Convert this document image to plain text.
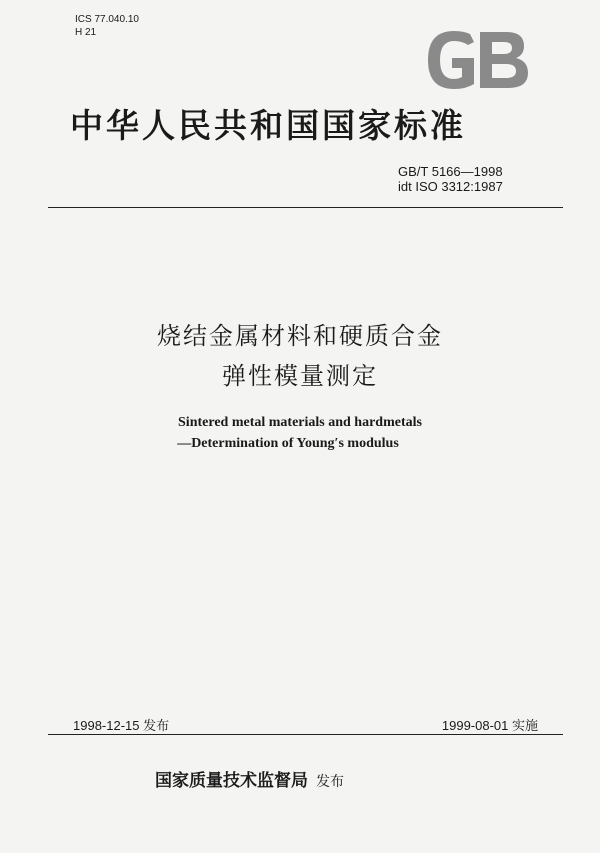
ICS 77.040.10
H 21
中华人民共和国国家标准
GB/T 5166—1998
idt ISO 3312:1987
烧结金属材料和硬质合金
弹性模量测定
Sintered metal materials and hardmetals
—Determination of Young′s modulus
1998-12-15 发布	1999-08-01 实施
国家质量技术监督局 发布
